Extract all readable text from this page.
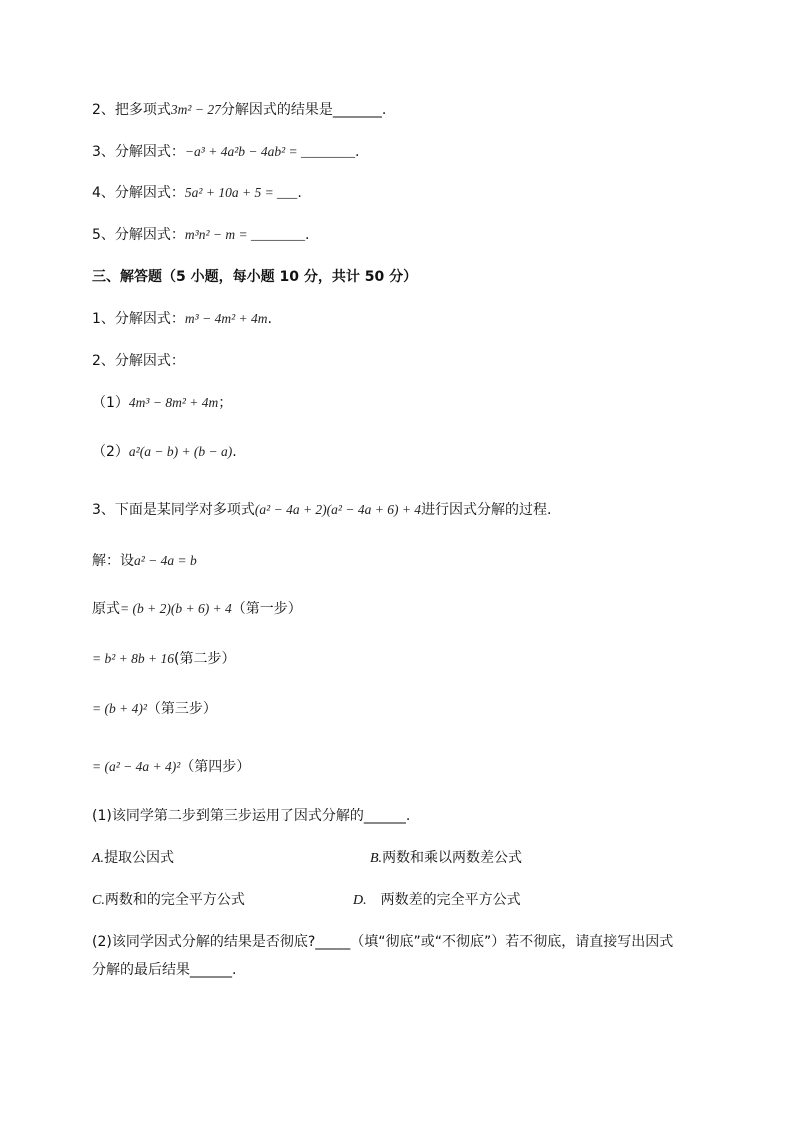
2、把多项式3m² − 27分解因式的结果是_______.
3、分解因式：−a³ + 4a²b − 4ab² = ________.
4、分解因式：5a² + 10a + 5 = ___.
5、分解因式：m³n² − m = ________.
三、解答题（5 小题，每小题 10 分，共计 50 分）
1、分解因式：m³ − 4m² + 4m.
2、分解因式：
（1）4m³ − 8m² + 4m；
（2）a²(a − b) + (b − a).
3、下面是某同学对多项式(a² − 4a + 2)(a² − 4a + 6) + 4进行因式分解的过程.
解：设a² − 4a = b
原式= (b + 2)(b + 6) + 4（第一步）
= b² + 8b + 16(第二步）
= (b + 4)²（第三步）
= (a² − 4a + 4)²（第四步）
(1)该同学第二步到第三步运用了因式分解的______.
A.提取公因式	B.两数和乘以两数差公式
C.两数和的完全平方公式	D. 两数差的完全平方公式
(2)该同学因式分解的结果是否彻底?_____（填“彻底”或“不彻底”）若不彻底，请直接写出因式
分解的最后结果______.
